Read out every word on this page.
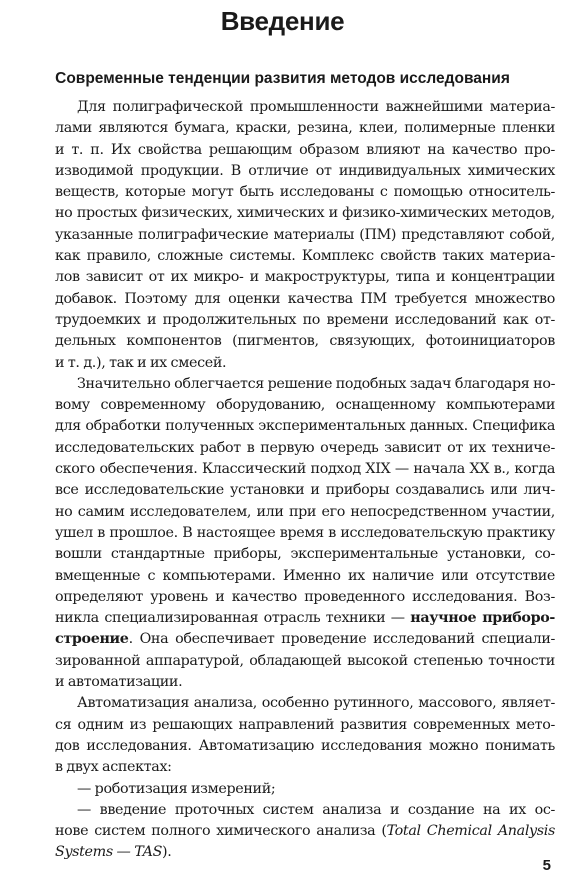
Введение
Современные тенденции развития методов исследования

Для полиграфической промышленности важнейшими материа-
лами являются бумага, краски, резина, клеи, полимерные пленки
и т. п. Их свойства решающим образом влияют на качество про-
изводимой продукции. В отличие от индивидуальных химических
веществ, которые могут быть исследованы с помощью относитель-
но простых физических, химических и физико-химических методов,
указанные полиграфические материалы (ПМ) представляют собой,
как правило, сложные системы. Комплекс свойств таких материа-
лов зависит от их микро- и макроструктуры, типа и концентрации
добавок. Поэтому для оценки качества ПМ требуется множество
трудоемких и продолжительных по времени исследований как от-
дельных компонентов (пигментов, связующих, фотоинициаторов
и т. д.), так и их смесей.

Значительно облегчается решение подобных задач благодаря но-
вому современному оборудованию, оснащенному компьютерами
для обработки полученных экспериментальных данных. Специфика
исследовательских работ в первую очередь зависит от их техниче-
ского обеспечения. Классический подход XIX — начала XX в., когда
все исследовательские установки и приборы создавались или лич-
но самим исследователем, или при его непосредственном участии,
ушел в прошлое. В настоящее время в исследовательскую практику
вошли стандартные приборы, экспериментальные установки, со-
вмещенные с компьютерами. Именно их наличие или отсутствие
определяют уровень и качество проведенного исследования. Воз-
никла специализированная отрасль техники — научное приборо-
строение. Она обеспечивает проведение исследований специали-
зированной аппаратурой, обладающей высокой степенью точности
и автоматизации.

Автоматизация анализа, особенно рутинного, массового, являет-
ся одним из решающих направлений развития современных мето-
дов исследования. Автоматизацию исследования можно понимать
в двух аспектах:

— роботизация измерений;

— введение проточных систем анализа и создание на их ос-
нове систем полного химического анализа (Total Chemical Analysis
Systems — TAS).

5
